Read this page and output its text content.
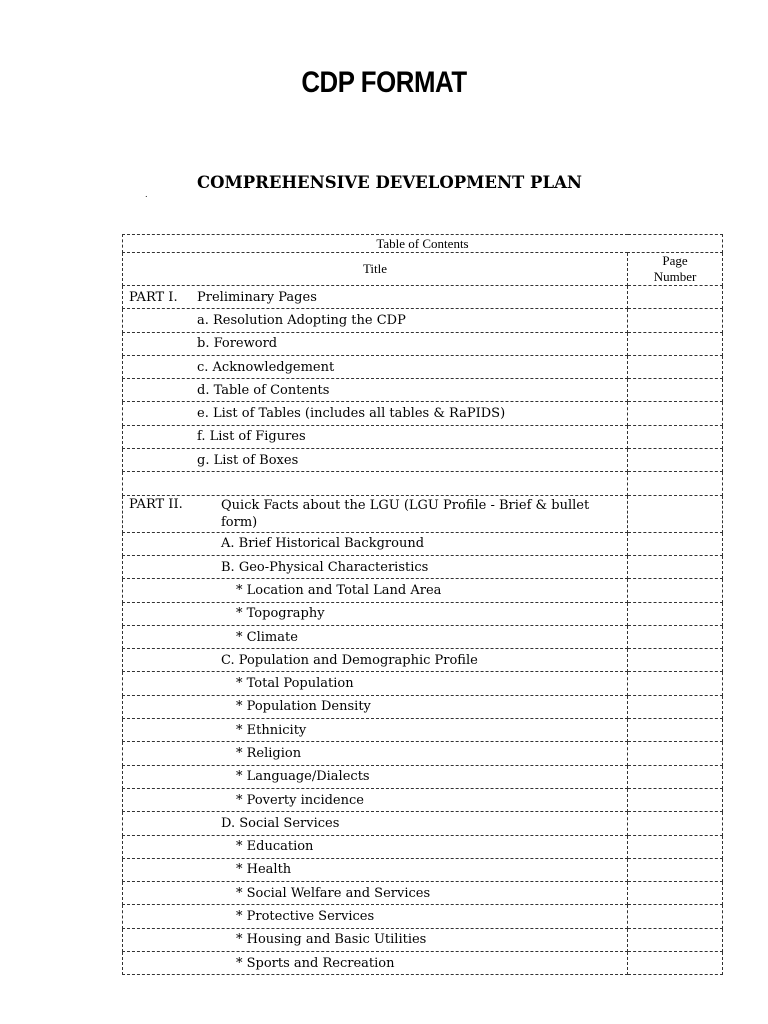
CDP FORMAT
.
COMPREHENSIVE DEVELOPMENT PLAN
Table of Contents	
Title	Page
Number
PART I. Preliminary Pages	
a. Resolution Adopting the CDP	
b. Foreword	
c. Acknowledgement	
d. Table of Contents	
e. List of Tables (includes all tables & RaPIDS)	
f. List of Figures	
g. List of Boxes	

PART II. Quick Facts about the LGU (LGU Profile - Brief & bullet form)	
A. Brief Historical Background	
B. Geo-Physical Characteristics	
* Location and Total Land Area	
* Topography	
* Climate	
C. Population and Demographic Profile	
* Total Population	
* Population Density	
* Ethnicity	
* Religion	
* Language/Dialects	
* Poverty incidence	
D. Social Services	
* Education	
* Health	
* Social Welfare and Services	
* Protective Services	
* Housing and Basic Utilities	
* Sports and Recreation	
